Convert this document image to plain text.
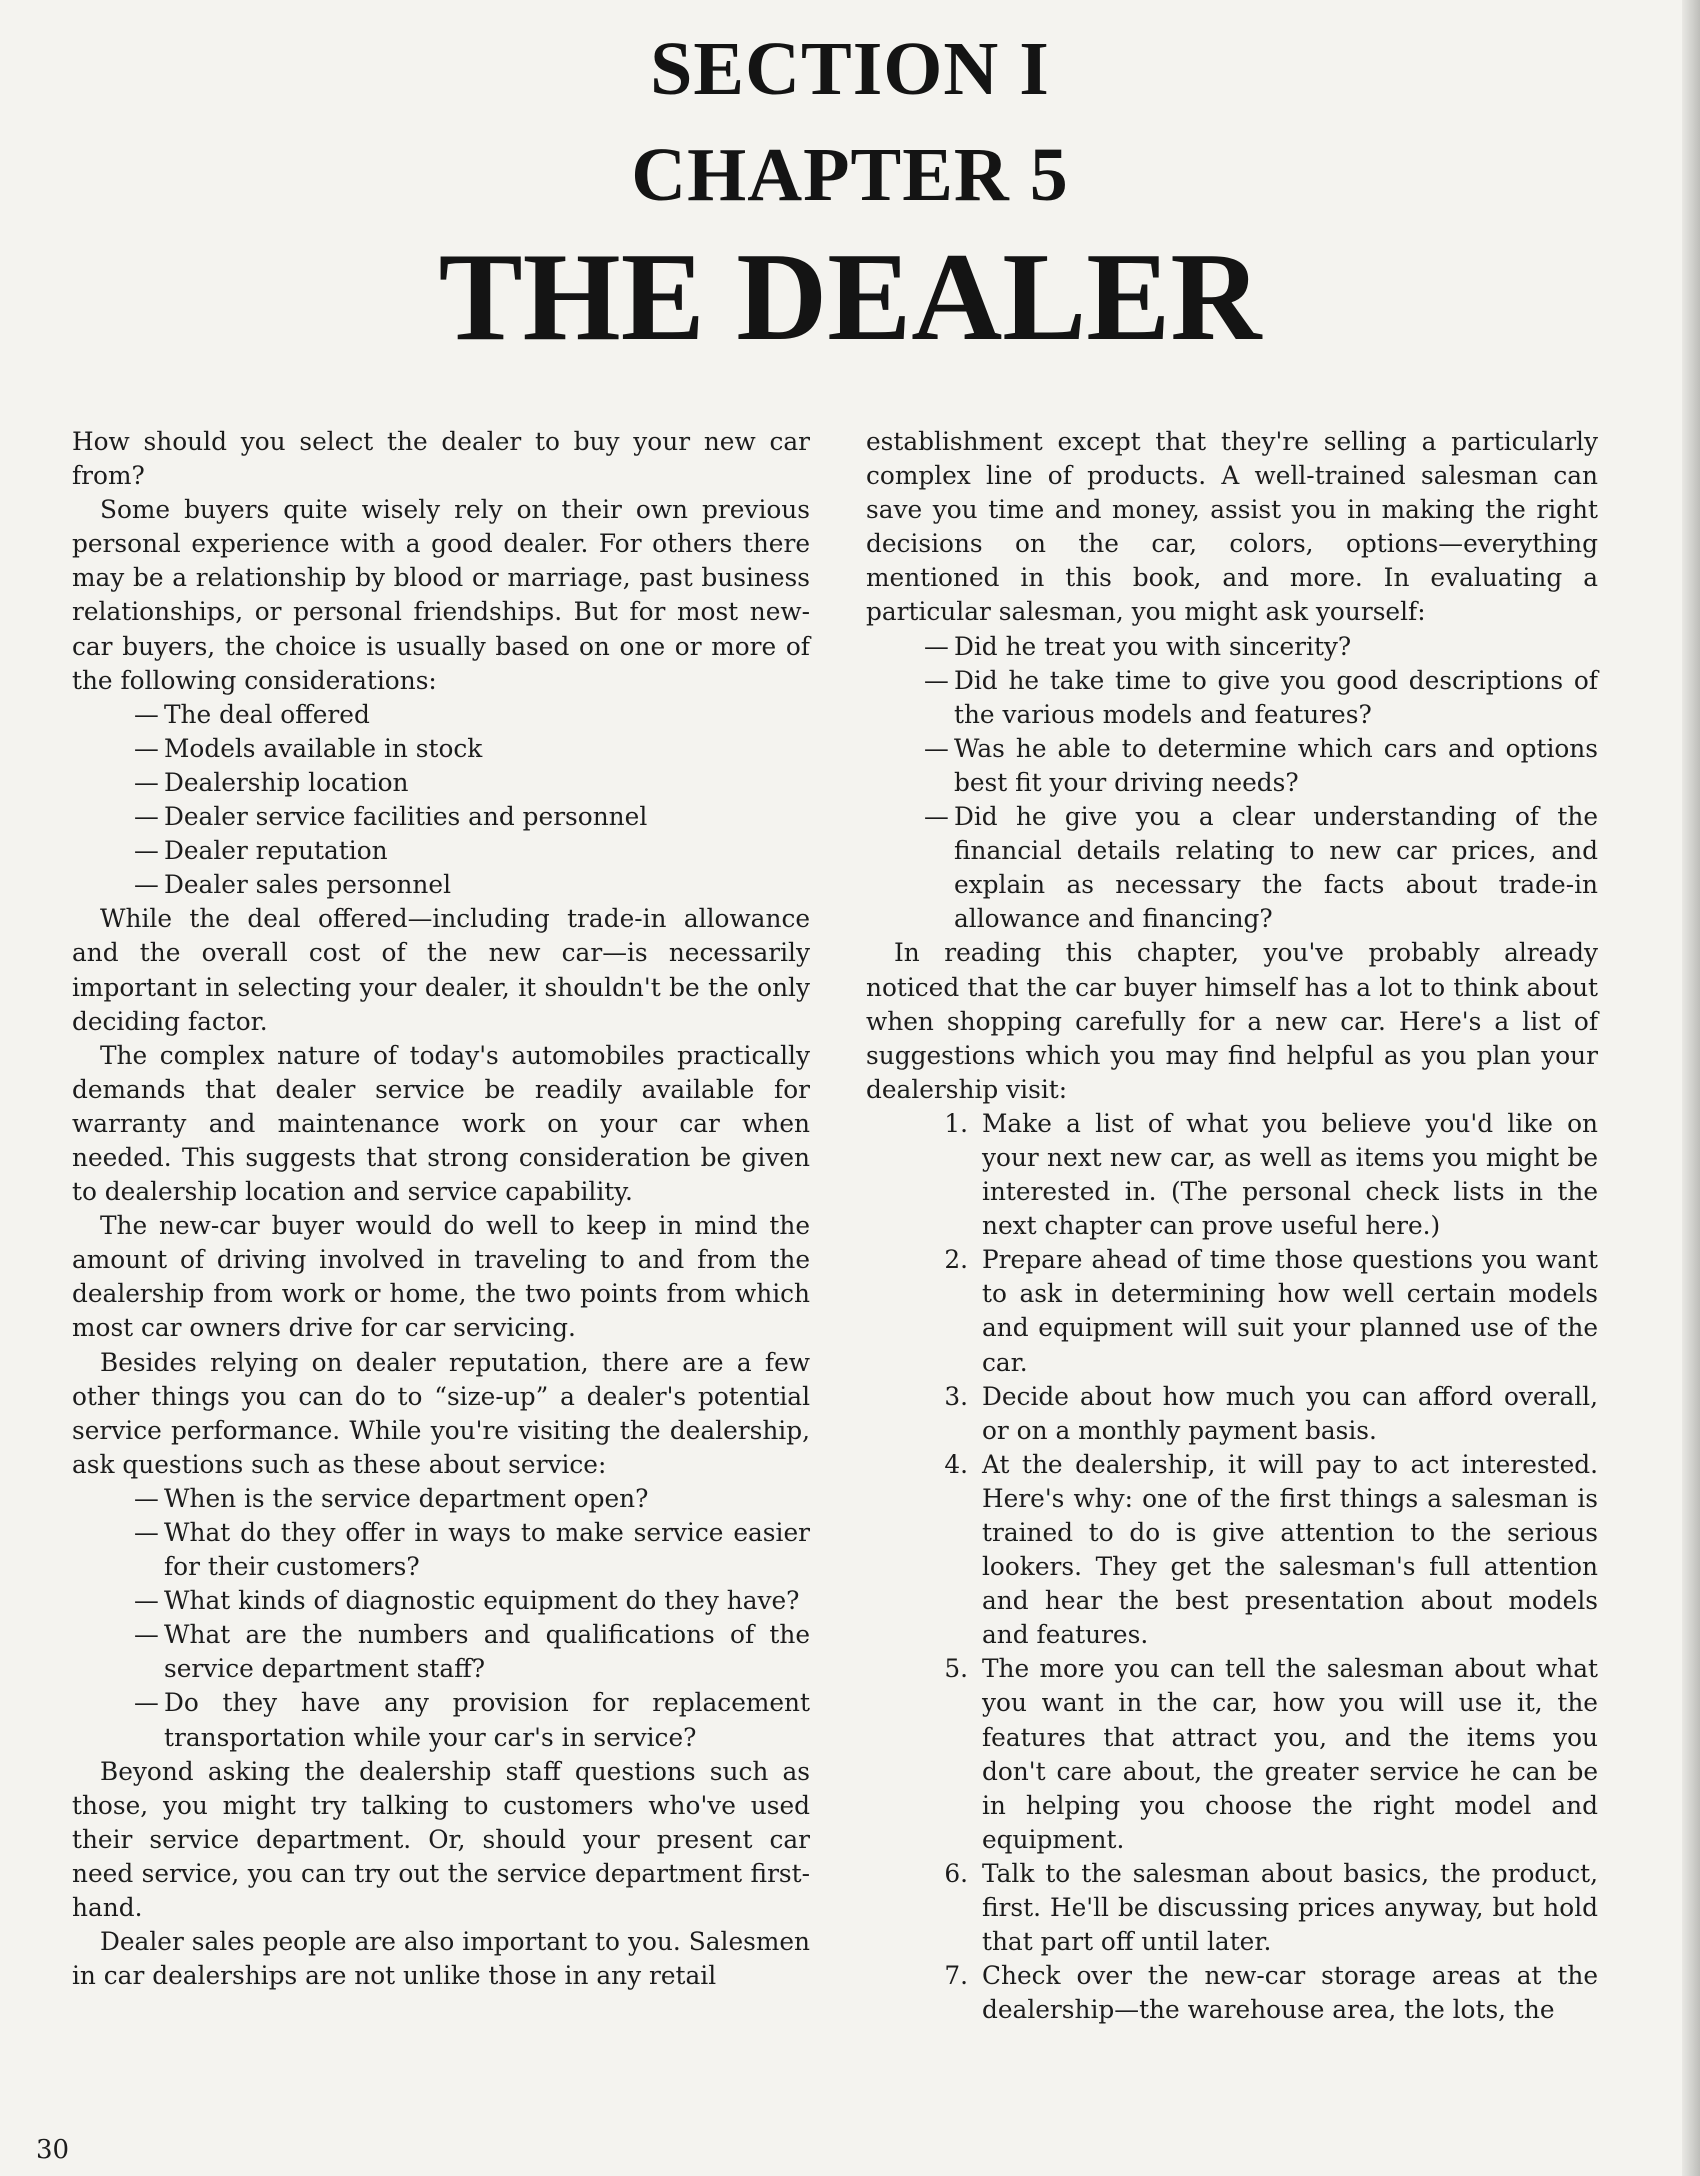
SECTION I
CHAPTER 5
THE DEALER

How should you select the dealer to buy your new car from?

Some buyers quite wisely rely on their own previous personal experience with a good dealer. For others there may be a relationship by blood or marriage, past business relationships, or personal friendships. But for most new-car buyers, the choice is usually based on one or more of the following considerations:

— The deal offered
— Models available in stock
— Dealership location
— Dealer service facilities and personnel
— Dealer reputation
— Dealer sales personnel

While the deal offered—including trade-in allowance and the overall cost of the new car—is necessarily important in selecting your dealer, it shouldn't be the only deciding factor.

The complex nature of today's automobiles practically demands that dealer service be readily available for warranty and maintenance work on your car when needed. This suggests that strong consideration be given to dealership location and service capability.

The new-car buyer would do well to keep in mind the amount of driving involved in traveling to and from the dealership from work or home, the two points from which most car owners drive for car servicing.

Besides relying on dealer reputation, there are a few other things you can do to “size-up” a dealer's potential service performance. While you're visiting the dealership, ask questions such as these about service:

— When is the service department open?
— What do they offer in ways to make service easier for their customers?
— What kinds of diagnostic equipment do they have?
— What are the numbers and qualifications of the service department staff?
— Do they have any provision for replacement transportation while your car's in service?

Beyond asking the dealership staff questions such as those, you might try talking to customers who've used their service department. Or, should your present car need service, you can try out the service department first-hand.

Dealer sales people are also important to you. Salesmen in car dealerships are not unlike those in any retail

establishment except that they're selling a particularly complex line of products. A well-trained salesman can save you time and money, assist you in making the right decisions on the car, colors, options—everything mentioned in this book, and more. In evaluating a particular salesman, you might ask yourself:

— Did he treat you with sincerity?
— Did he take time to give you good descriptions of the various models and features?
— Was he able to determine which cars and options best fit your driving needs?
— Did he give you a clear understanding of the financial details relating to new car prices, and explain as necessary the facts about trade-in allowance and financing?

In reading this chapter, you've probably already noticed that the car buyer himself has a lot to think about when shopping carefully for a new car. Here's a list of suggestions which you may find helpful as you plan your dealership visit:

1. Make a list of what you believe you'd like on your next new car, as well as items you might be interested in. (The personal check lists in the next chapter can prove useful here.)
2. Prepare ahead of time those questions you want to ask in determining how well certain models and equipment will suit your planned use of the car.
3. Decide about how much you can afford overall, or on a monthly payment basis.
4. At the dealership, it will pay to act interested. Here's why: one of the first things a salesman is trained to do is give attention to the serious lookers. They get the salesman's full attention and hear the best presentation about models and features.
5. The more you can tell the salesman about what you want in the car, how you will use it, the features that attract you, and the items you don't care about, the greater service he can be in helping you choose the right model and equipment.
6. Talk to the salesman about basics, the product, first. He'll be discussing prices anyway, but hold that part off until later.
7. Check over the new-car storage areas at the dealership—the warehouse area, the lots, the
30
